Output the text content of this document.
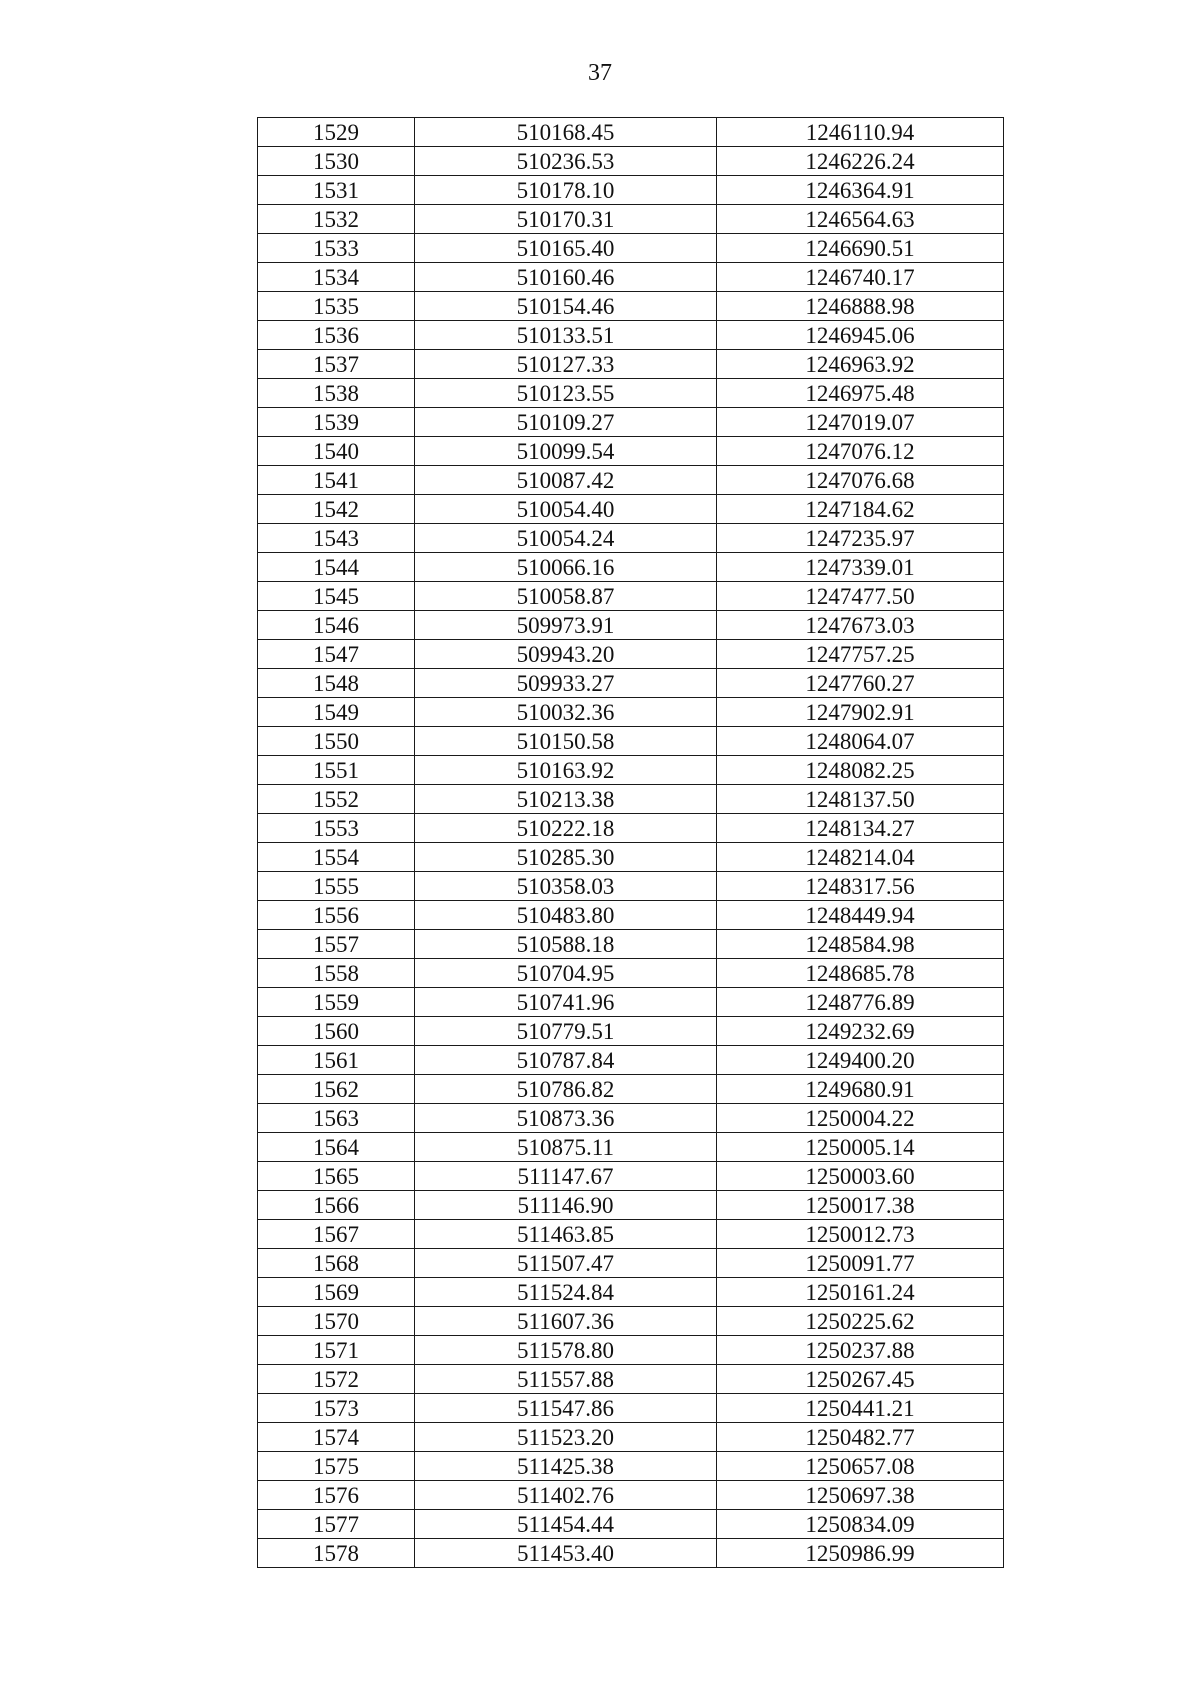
37
1529	510168.45	1246110.94
1530	510236.53	1246226.24
1531	510178.10	1246364.91
1532	510170.31	1246564.63
1533	510165.40	1246690.51
1534	510160.46	1246740.17
1535	510154.46	1246888.98
1536	510133.51	1246945.06
1537	510127.33	1246963.92
1538	510123.55	1246975.48
1539	510109.27	1247019.07
1540	510099.54	1247076.12
1541	510087.42	1247076.68
1542	510054.40	1247184.62
1543	510054.24	1247235.97
1544	510066.16	1247339.01
1545	510058.87	1247477.50
1546	509973.91	1247673.03
1547	509943.20	1247757.25
1548	509933.27	1247760.27
1549	510032.36	1247902.91
1550	510150.58	1248064.07
1551	510163.92	1248082.25
1552	510213.38	1248137.50
1553	510222.18	1248134.27
1554	510285.30	1248214.04
1555	510358.03	1248317.56
1556	510483.80	1248449.94
1557	510588.18	1248584.98
1558	510704.95	1248685.78
1559	510741.96	1248776.89
1560	510779.51	1249232.69
1561	510787.84	1249400.20
1562	510786.82	1249680.91
1563	510873.36	1250004.22
1564	510875.11	1250005.14
1565	511147.67	1250003.60
1566	511146.90	1250017.38
1567	511463.85	1250012.73
1568	511507.47	1250091.77
1569	511524.84	1250161.24
1570	511607.36	1250225.62
1571	511578.80	1250237.88
1572	511557.88	1250267.45
1573	511547.86	1250441.21
1574	511523.20	1250482.77
1575	511425.38	1250657.08
1576	511402.76	1250697.38
1577	511454.44	1250834.09
1578	511453.40	1250986.99
